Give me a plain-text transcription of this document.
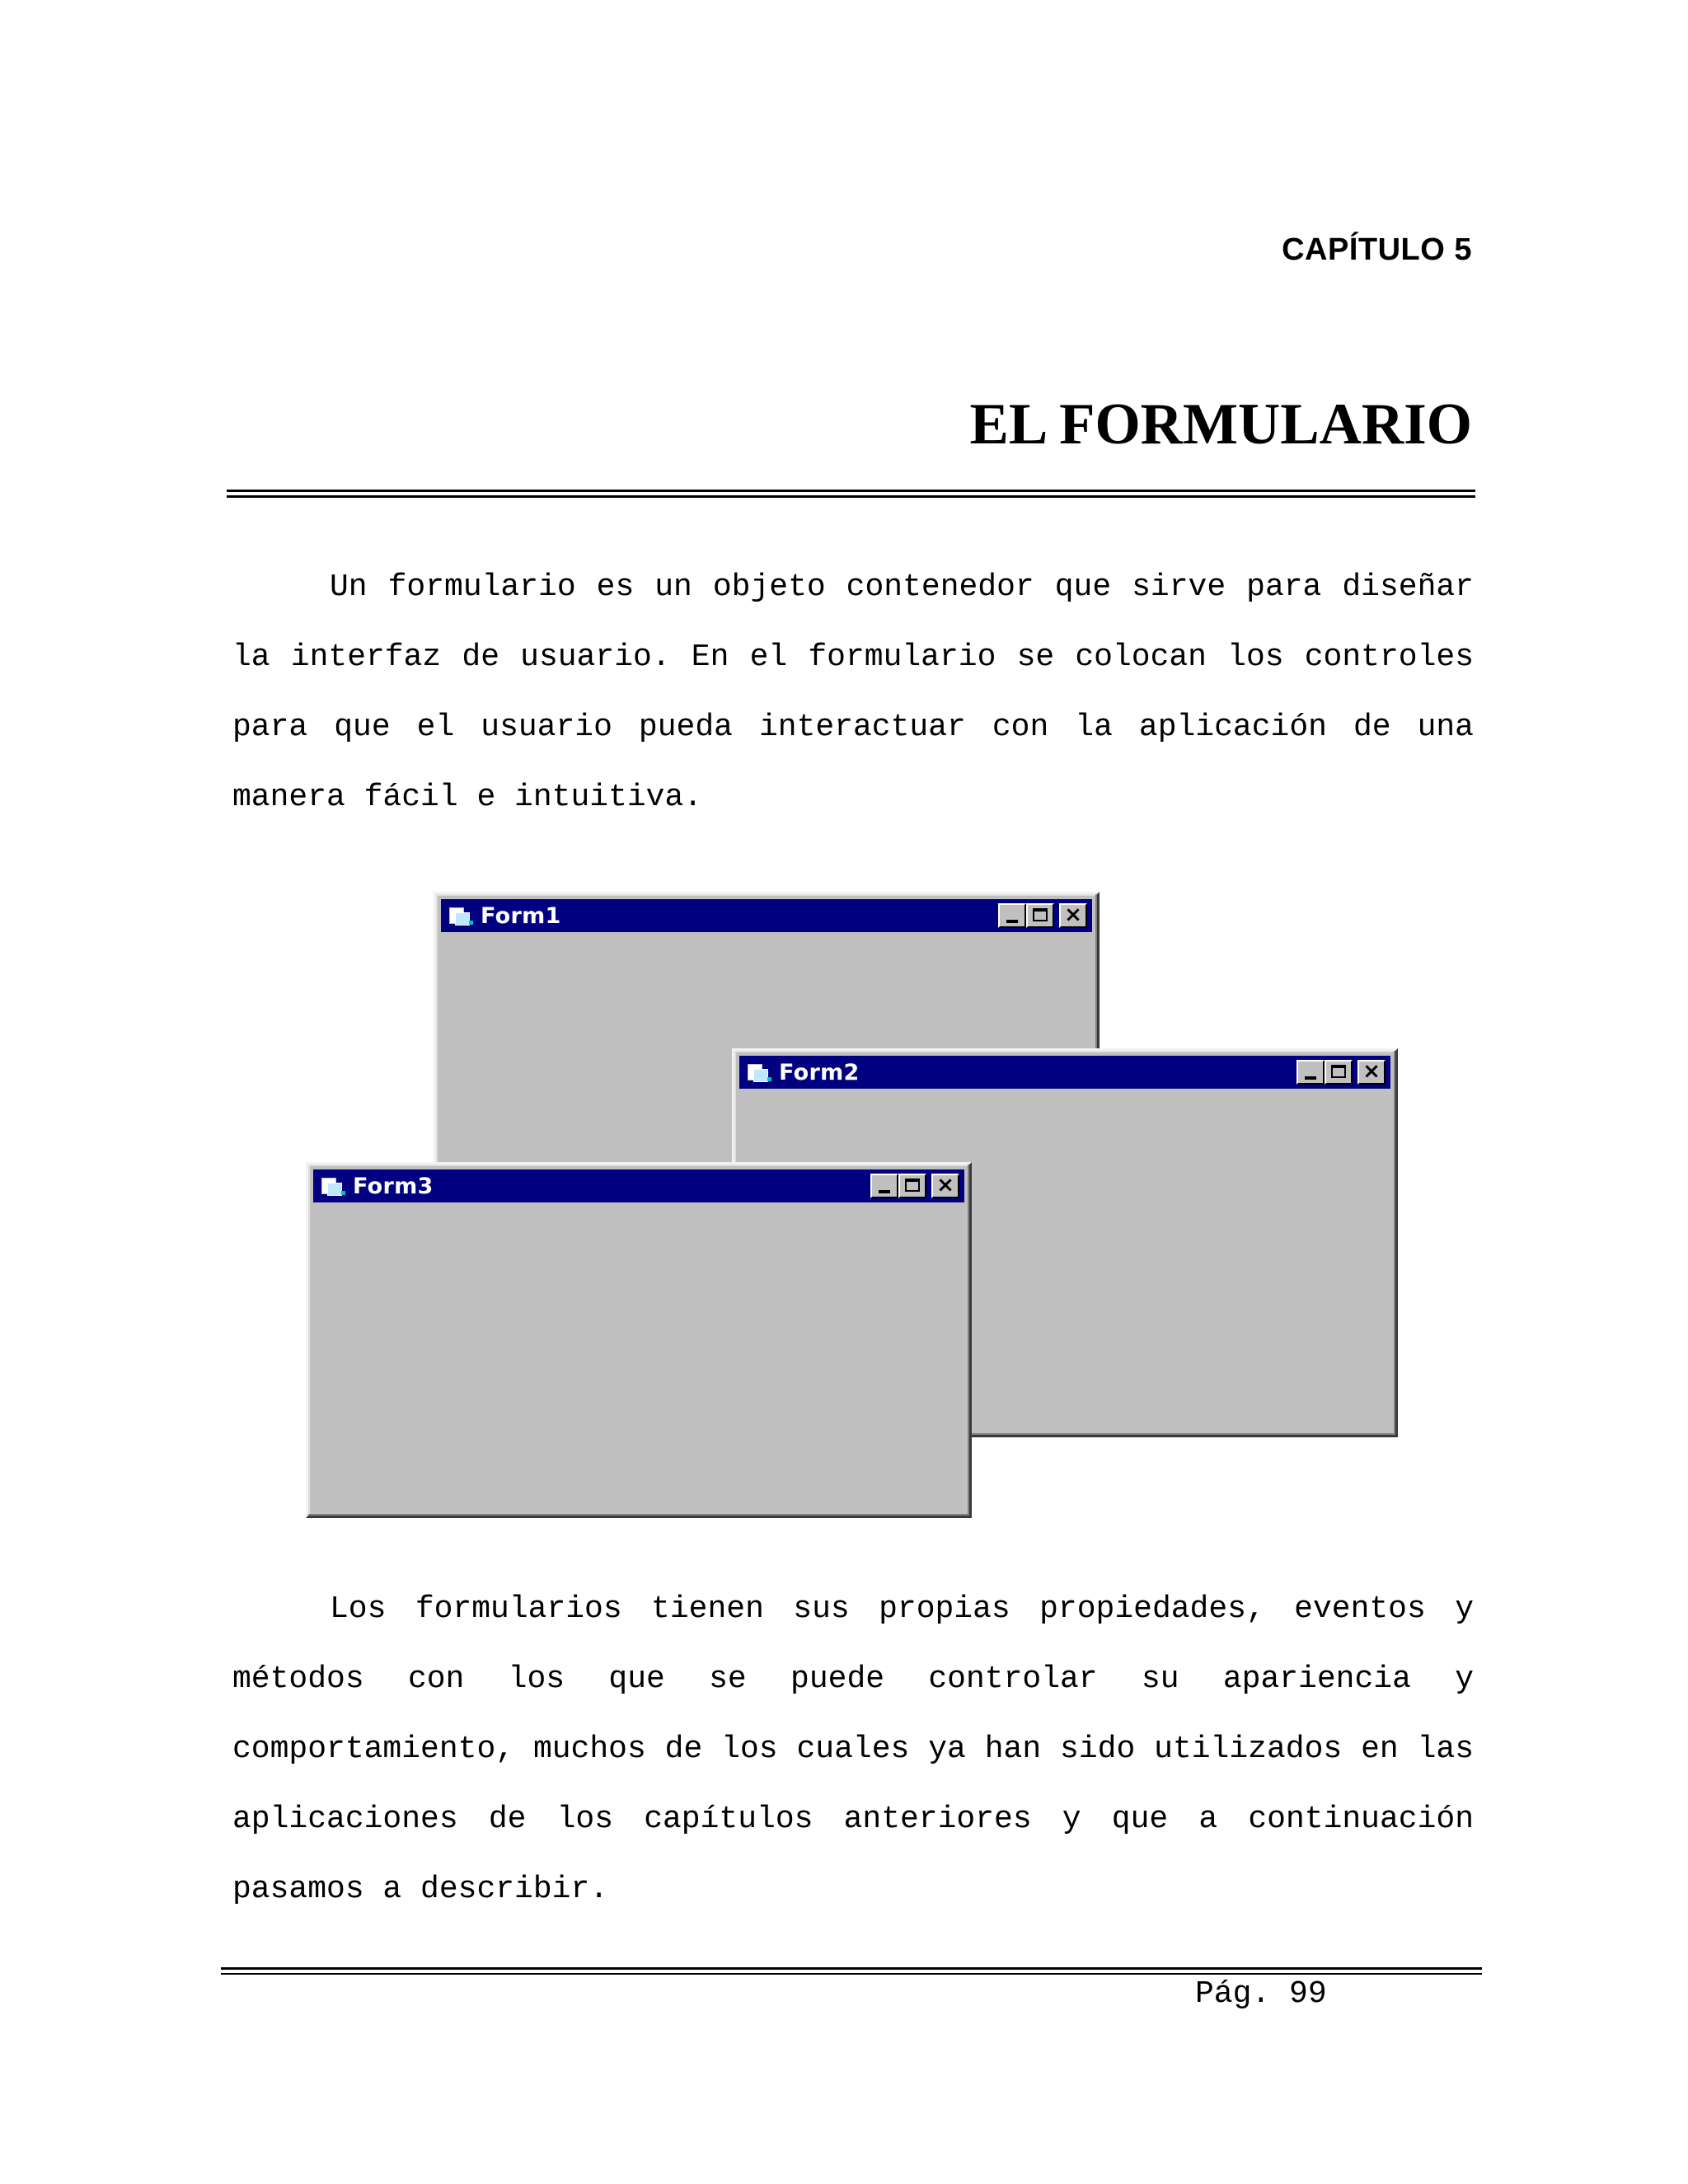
CAPÍTULO 5
EL FORMULARIO

Un formulario es un objeto contenedor que sirve para diseñar la interfaz de usuario. En el formulario se colocan los controles para que el usuario pueda interactuar con la aplicación de una manera fácil e intuitiva.

Form1	×
Form2	×
Form3	×

Los formularios tienen sus propias propiedades, eventos y métodos con los que se puede controlar su apariencia y comportamiento, muchos de los cuales ya han sido utilizados en las aplicaciones de los capítulos anteriores y que a continuación pasamos a describir.

Pág. 99
